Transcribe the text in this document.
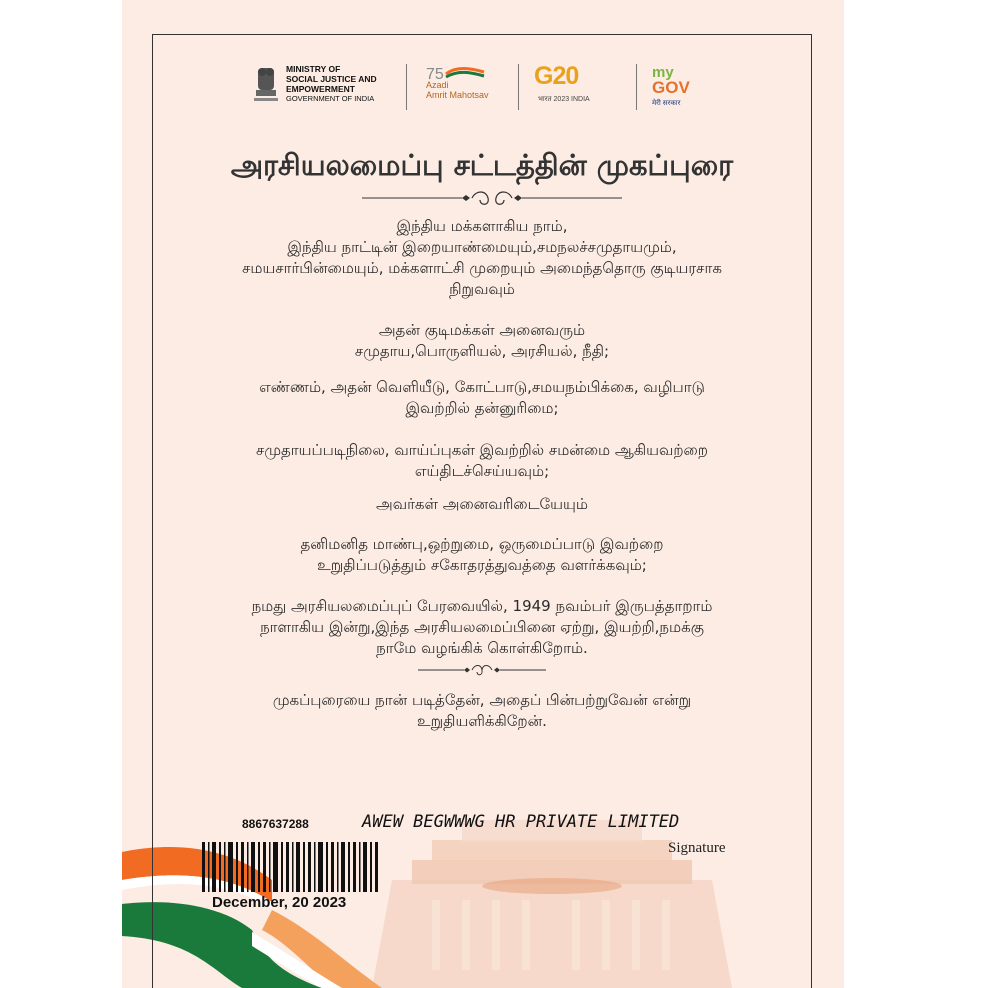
MINISTRY OF
SOCIAL JUSTICE AND
EMPOWERMENT
GOVERNMENT OF INDIA
75
Azadi
Amrit Mahotsav
G20
भारत 2023 INDIA
my
GOV
मेरी सरकार
அரசியலமைப்பு சட்டத்தின் முகப்புரை

இந்திய மக்களாகிய நாம்,

இந்திய நாட்டின் இறையாண்மையும்,சமநலச்சமுதாயமும்,

சமயசார்பின்மையும், மக்களாட்சி முறையும் அமைந்ததொரு குடியரசாக

நிறுவவும்

அதன் குடிமக்கள் அனைவரும்

சமுதாய,பொருளியல், அரசியல், நீதி;

எண்ணம், அதன் வெளியீடு, கோட்பாடு,சமயநம்பிக்கை, வழிபாடு

இவற்றில் தன்னுரிமை;

சமுதாயப்படிநிலை, வாய்ப்புகள் இவற்றில் சமன்மை ஆகியவற்றை

எய்திடச்செய்யவும்;

அவர்கள் அனைவரிடையேயும்

தனிமனித மாண்பு,ஒற்றுமை, ஒருமைப்பாடு இவற்றை

உறுதிப்படுத்தும் சகோதரத்துவத்தை வளர்க்கவும்;

நமது அரசியலமைப்புப் பேரவையில், 1949 நவம்பர் இருபத்தாறாம்

நாளாகிய இன்று,இந்த அரசியலமைப்பினை ஏற்று, இயற்றி,நமக்கு

நாமே வழங்கிக் கொள்கிறோம்.

முகப்புரையை நான் படித்தேன், அதைப் பின்பற்றுவேன் என்று

உறுதியளிக்கிறேன்.

8867637288	AWEW BEGWWWG HR PRIVATE LIMITED
Signature
December, 20 2023
